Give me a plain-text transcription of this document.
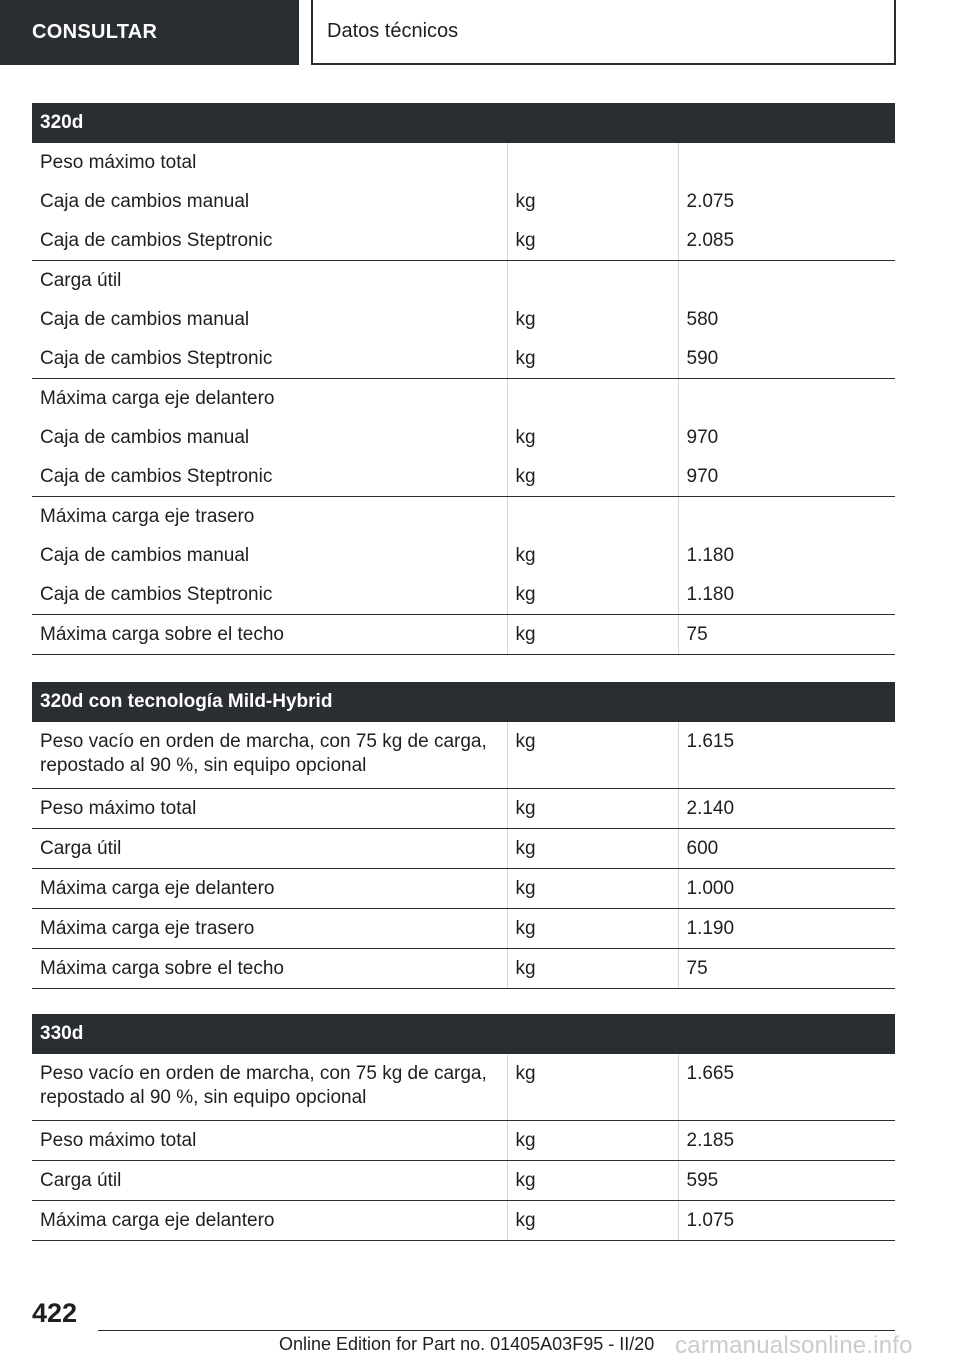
CONSULTAR	Datos técnicos
320d
Peso máximo total		
Caja de cambios manual	kg	2.075
Caja de cambios Steptronic	kg	2.085
Carga útil		
Caja de cambios manual	kg	580
Caja de cambios Steptronic	kg	590
Máxima carga eje delantero		
Caja de cambios manual	kg	970
Caja de cambios Steptronic	kg	970
Máxima carga eje trasero		
Caja de cambios manual	kg	1.180
Caja de cambios Steptronic	kg	1.180
Máxima carga sobre el techo	kg	75
320d con tecnología Mild-Hybrid
Peso vacío en orden de marcha, con 75 kg de carga, repostado al 90 %, sin equipo opcional	kg	1.615
Peso máximo total	kg	2.140
Carga útil	kg	600
Máxima carga eje delantero	kg	1.000
Máxima carga eje trasero	kg	1.190
Máxima carga sobre el techo	kg	75
330d
Peso vacío en orden de marcha, con 75 kg de carga, repostado al 90 %, sin equipo opcional	kg	1.665
Peso máximo total	kg	2.185
Carga útil	kg	595
Máxima carga eje delantero	kg	1.075
422
Online Edition for Part no. 01405A03F95 - II/20 carmanualsonline.info
